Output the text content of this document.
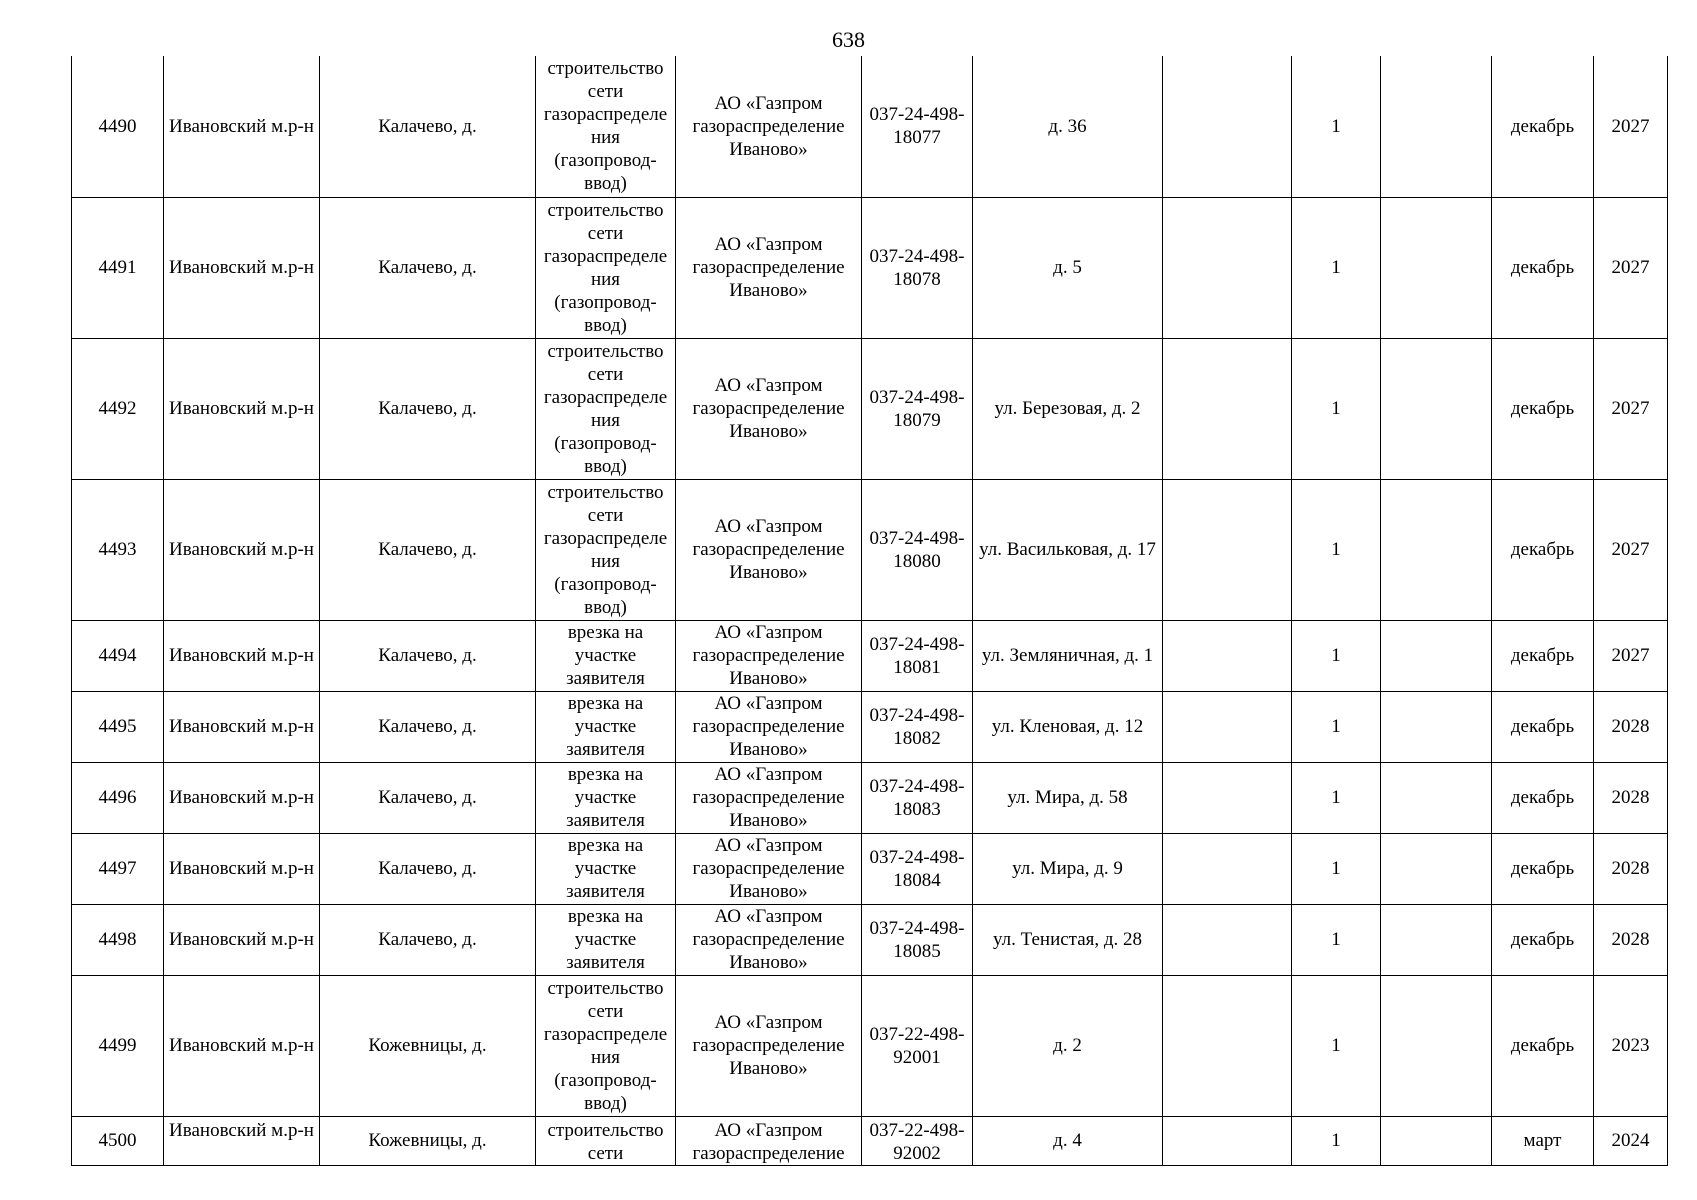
638
4490	Ивановский м.р-н	Калачево, д.	строительство сети газораспределения (газопровод-ввод)	АО «Газпром газораспределение Иваново»	037-24-498-18077	д. 36		1		декабрь	2027
4491	Ивановский м.р-н	Калачево, д.	строительство сети газораспределения (газопровод-ввод)	АО «Газпром газораспределение Иваново»	037-24-498-18078	д. 5		1		декабрь	2027
4492	Ивановский м.р-н	Калачево, д.	строительство сети газораспределения (газопровод-ввод)	АО «Газпром газораспределение Иваново»	037-24-498-18079	ул. Березовая, д. 2		1		декабрь	2027
4493	Ивановский м.р-н	Калачево, д.	строительство сети газораспределения (газопровод-ввод)	АО «Газпром газораспределение Иваново»	037-24-498-18080	ул. Васильковая, д. 17		1		декабрь	2027
4494	Ивановский м.р-н	Калачево, д.	врезка на участке заявителя	АО «Газпром газораспределение Иваново»	037-24-498-18081	ул. Земляничная, д. 1		1		декабрь	2027
4495	Ивановский м.р-н	Калачево, д.	врезка на участке заявителя	АО «Газпром газораспределение Иваново»	037-24-498-18082	ул. Кленовая, д. 12		1		декабрь	2028
4496	Ивановский м.р-н	Калачево, д.	врезка на участке заявителя	АО «Газпром газораспределение Иваново»	037-24-498-18083	ул. Мира, д. 58		1		декабрь	2028
4497	Ивановский м.р-н	Калачево, д.	врезка на участке заявителя	АО «Газпром газораспределение Иваново»	037-24-498-18084	ул. Мира, д. 9		1		декабрь	2028
4498	Ивановский м.р-н	Калачево, д.	врезка на участке заявителя	АО «Газпром газораспределение Иваново»	037-24-498-18085	ул. Тенистая, д. 28		1		декабрь	2028
4499	Ивановский м.р-н	Кожевницы, д.	строительство сети газораспределения (газопровод-ввод)	АО «Газпром газораспределение Иваново»	037-22-498-92001	д. 2		1		декабрь	2023
4500	Ивановский м.р-н	Кожевницы, д.	строительство сети	АО «Газпром газораспределение	037-22-498-92002	д. 4		1		март	2024
